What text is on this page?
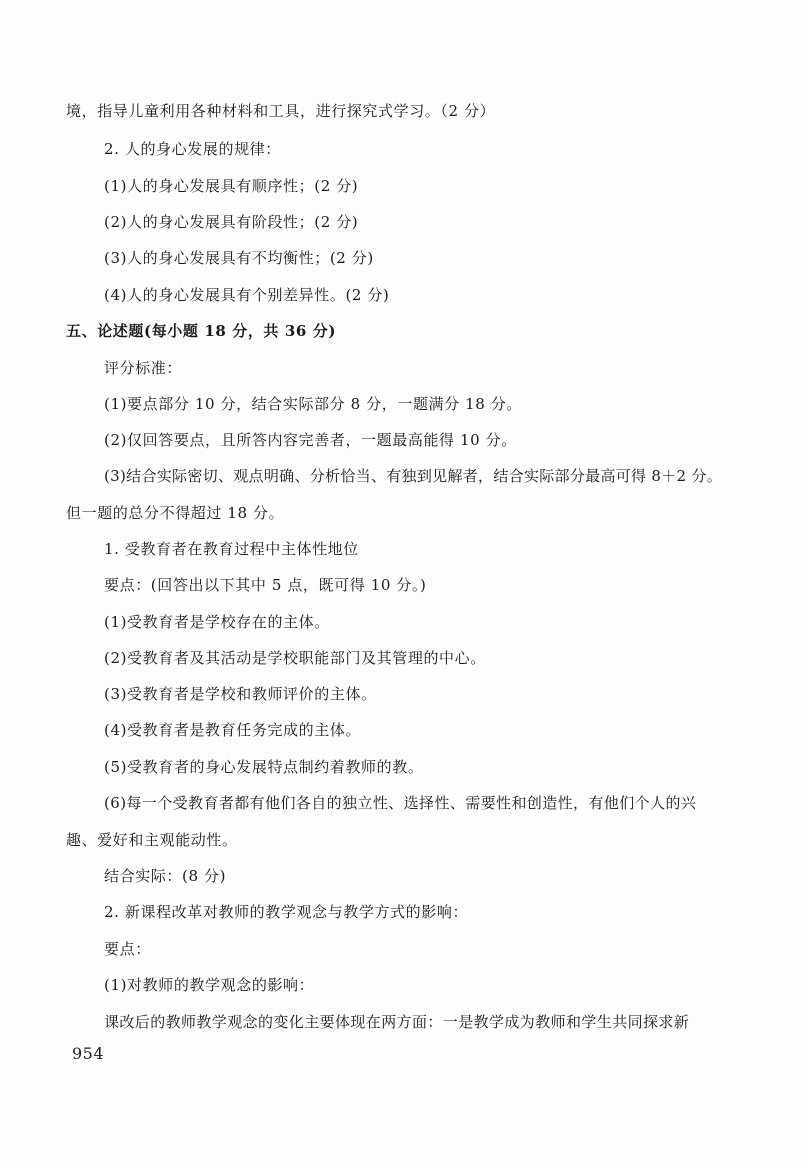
境，指导儿童利用各种材料和工具，进行探究式学习。（2 分）
2. 人的身心发展的规律：
(1)人的身心发展具有顺序性；(2 分)
(2)人的身心发展具有阶段性；(2 分)
(3)人的身心发展具有不均衡性；(2 分)
(4)人的身心发展具有个别差异性。(2 分)
五、论述题(每小题 18 分，共 36 分)
评分标准：
(1)要点部分 10 分，结合实际部分 8 分，一题满分 18 分。
(2)仅回答要点，且所答内容完善者，一题最高能得 10 分。
(3)结合实际密切、观点明确、分析恰当、有独到见解者，结合实际部分最高可得 8＋2 分。
但一题的总分不得超过 18 分。
1. 受教育者在教育过程中主体性地位
要点：(回答出以下其中 5 点，既可得 10 分。)
(1)受教育者是学校存在的主体。
(2)受教育者及其活动是学校职能部门及其管理的中心。
(3)受教育者是学校和教师评价的主体。
(4)受教育者是教育任务完成的主体。
(5)受教育者的身心发展特点制约着教师的教。
(6)每一个受教育者都有他们各自的独立性、选择性、需要性和创造性，有他们个人的兴
趣、爱好和主观能动性。
结合实际：(8 分)
2. 新课程改革对教师的教学观念与教学方式的影响：
要点：
(1)对教师的教学观念的影响：
课改后的教师教学观念的变化主要体现在两方面：一是教学成为教师和学生共同探求新
954
